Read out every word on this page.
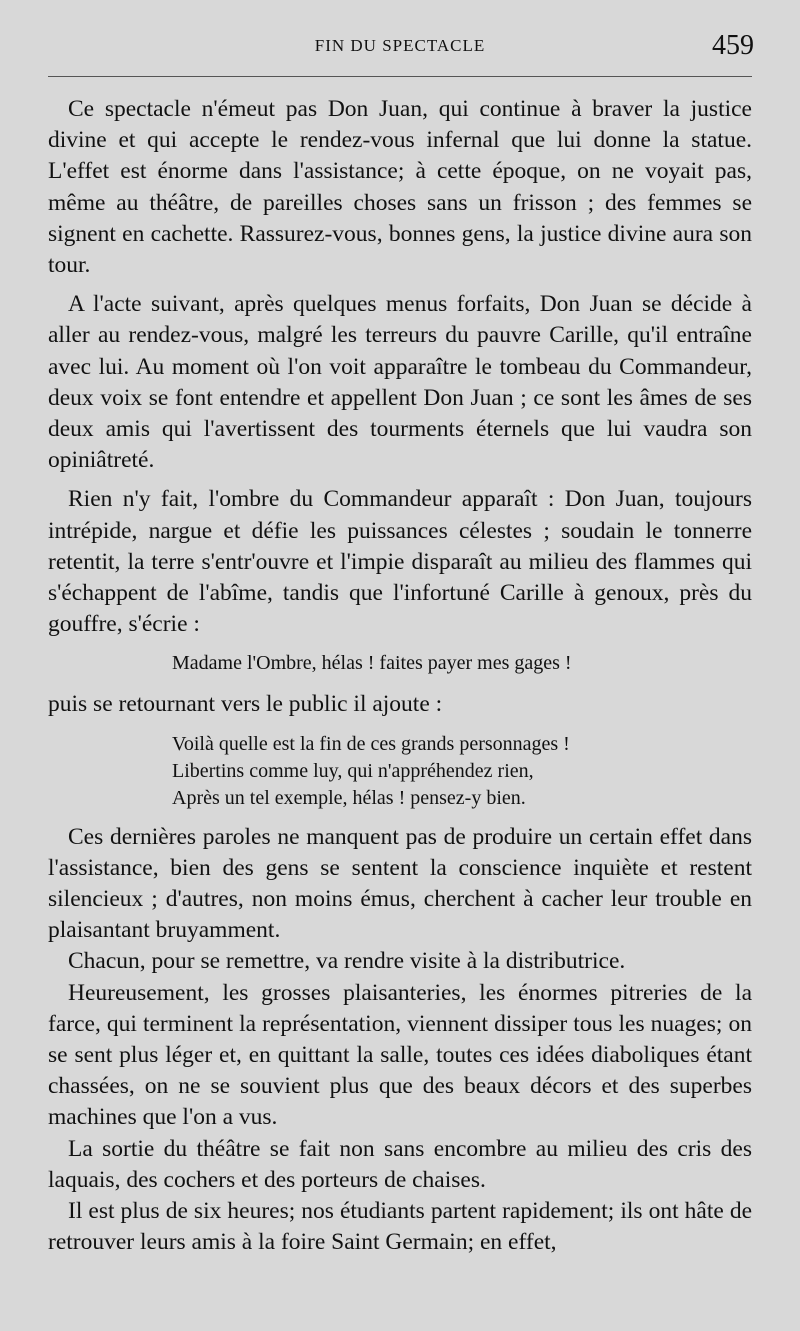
FIN DU SPECTACLE	459

Ce spectacle n'émeut pas Don Juan, qui continue à braver la justice divine et qui accepte le rendez-vous infernal que lui donne la statue. L'effet est énorme dans l'assistance; à cette époque, on ne voyait pas, même au théâtre, de pareilles choses sans un frisson ; des femmes se signent en cachette. Rassurez-vous, bonnes gens, la justice divine aura son tour.

A l'acte suivant, après quelques menus forfaits, Don Juan se décide à aller au rendez-vous, malgré les terreurs du pauvre Carille, qu'il entraîne avec lui. Au moment où l'on voit apparaître le tombeau du Commandeur, deux voix se font entendre et appellent Don Juan ; ce sont les âmes de ses deux amis qui l'avertissent des tourments éternels que lui vaudra son opiniâtreté.

Rien n'y fait, l'ombre du Commandeur apparaît : Don Juan, toujours intrépide, nargue et défie les puissances célestes ; soudain le tonnerre retentit, la terre s'entr'ouvre et l'impie disparaît au milieu des flammes qui s'échappent de l'abîme, tandis que l'infortuné Carille à genoux, près du gouffre, s'écrie :

Madame l'Ombre, hélas ! faites payer mes gages !

puis se retournant vers le public il ajoute :

Voilà quelle est la fin de ces grands personnages !
Libertins comme luy, qui n'appréhendez rien,
Après un tel exemple, hélas ! pensez-y bien.

Ces dernières paroles ne manquent pas de produire un certain effet dans l'assistance, bien des gens se sentent la conscience inquiète et restent silencieux ; d'autres, non moins émus, cherchent à cacher leur trouble en plaisantant bruyamment.

Chacun, pour se remettre, va rendre visite à la distributrice.

Heureusement, les grosses plaisanteries, les énormes pitreries de la farce, qui terminent la représentation, viennent dissiper tous les nuages; on se sent plus léger et, en quittant la salle, toutes ces idées diaboliques étant chassées, on ne se souvient plus que des beaux décors et des superbes machines que l'on a vus.

La sortie du théâtre se fait non sans encombre au milieu des cris des laquais, des cochers et des porteurs de chaises.

Il est plus de six heures; nos étudiants partent rapidement; ils ont hâte de retrouver leurs amis à la foire Saint Germain; en effet,
